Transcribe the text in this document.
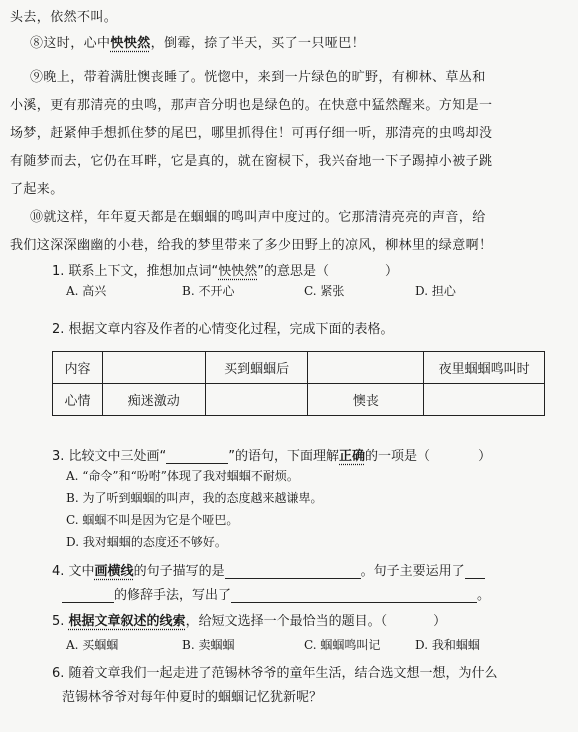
头去，依然不叫。
⑧这时，心中怏怏然，倒霉，捺了半天，买了一只哑巴！
⑨晚上，带着满肚懊丧睡了。恍惚中，来到一片绿色的旷野，有柳林、草丛和
小溪，更有那清亮的虫鸣，那声音分明也是绿色的。在快意中猛然醒来。方知是一
场梦，赶紧伸手想抓住梦的尾巴，哪里抓得住！可再仔细一听，那清亮的虫鸣却没
有随梦而去，它仍在耳畔，它是真的，就在窗棂下，我兴奋地一下子踢掉小被子跳
了起来。
⑩就这样，年年夏天都是在蝈蝈的鸣叫声中度过的。它那清清亮亮的声音，给
我们这深深幽幽的小巷，给我的梦里带来了多少田野上的凉风，柳林里的绿意啊！
1. 联系上下文，推想加点词“怏怏然”的意思是（	）
A. 高兴	B. 不开心	C. 紧张	D. 担心
2. 根据文章内容及作者的心情变化过程，完成下面的表格。
内容		买到蝈蝈后		夜里蝈蝈鸣叫时
心情	痴迷激动		懊丧	
3. 比较文中三处画“	”的语句，下面理解正确的一项是（	）
A. “命令”和“吩咐”体现了我对蝈蝈不耐烦。
B. 为了听到蝈蝈的叫声，我的态度越来越谦卑。
C. 蝈蝈不叫是因为它是个哑巴。
D. 我对蝈蝈的态度还不够好。
4. 文中画横线的句子描写的是	。句子主要运用了
的修辞手法，写出了	。
5. 根据文章叙述的线索，给短文选择一个最恰当的题目。（	）
A. 买蝈蝈	B. 卖蝈蝈	C. 蝈蝈鸣叫记	D. 我和蝈蝈
6. 随着文章我们一起走进了范锡林爷爷的童年生活，结合选文想一想，为什么
范锡林爷爷对每年仲夏时的蝈蝈记忆犹新呢？
